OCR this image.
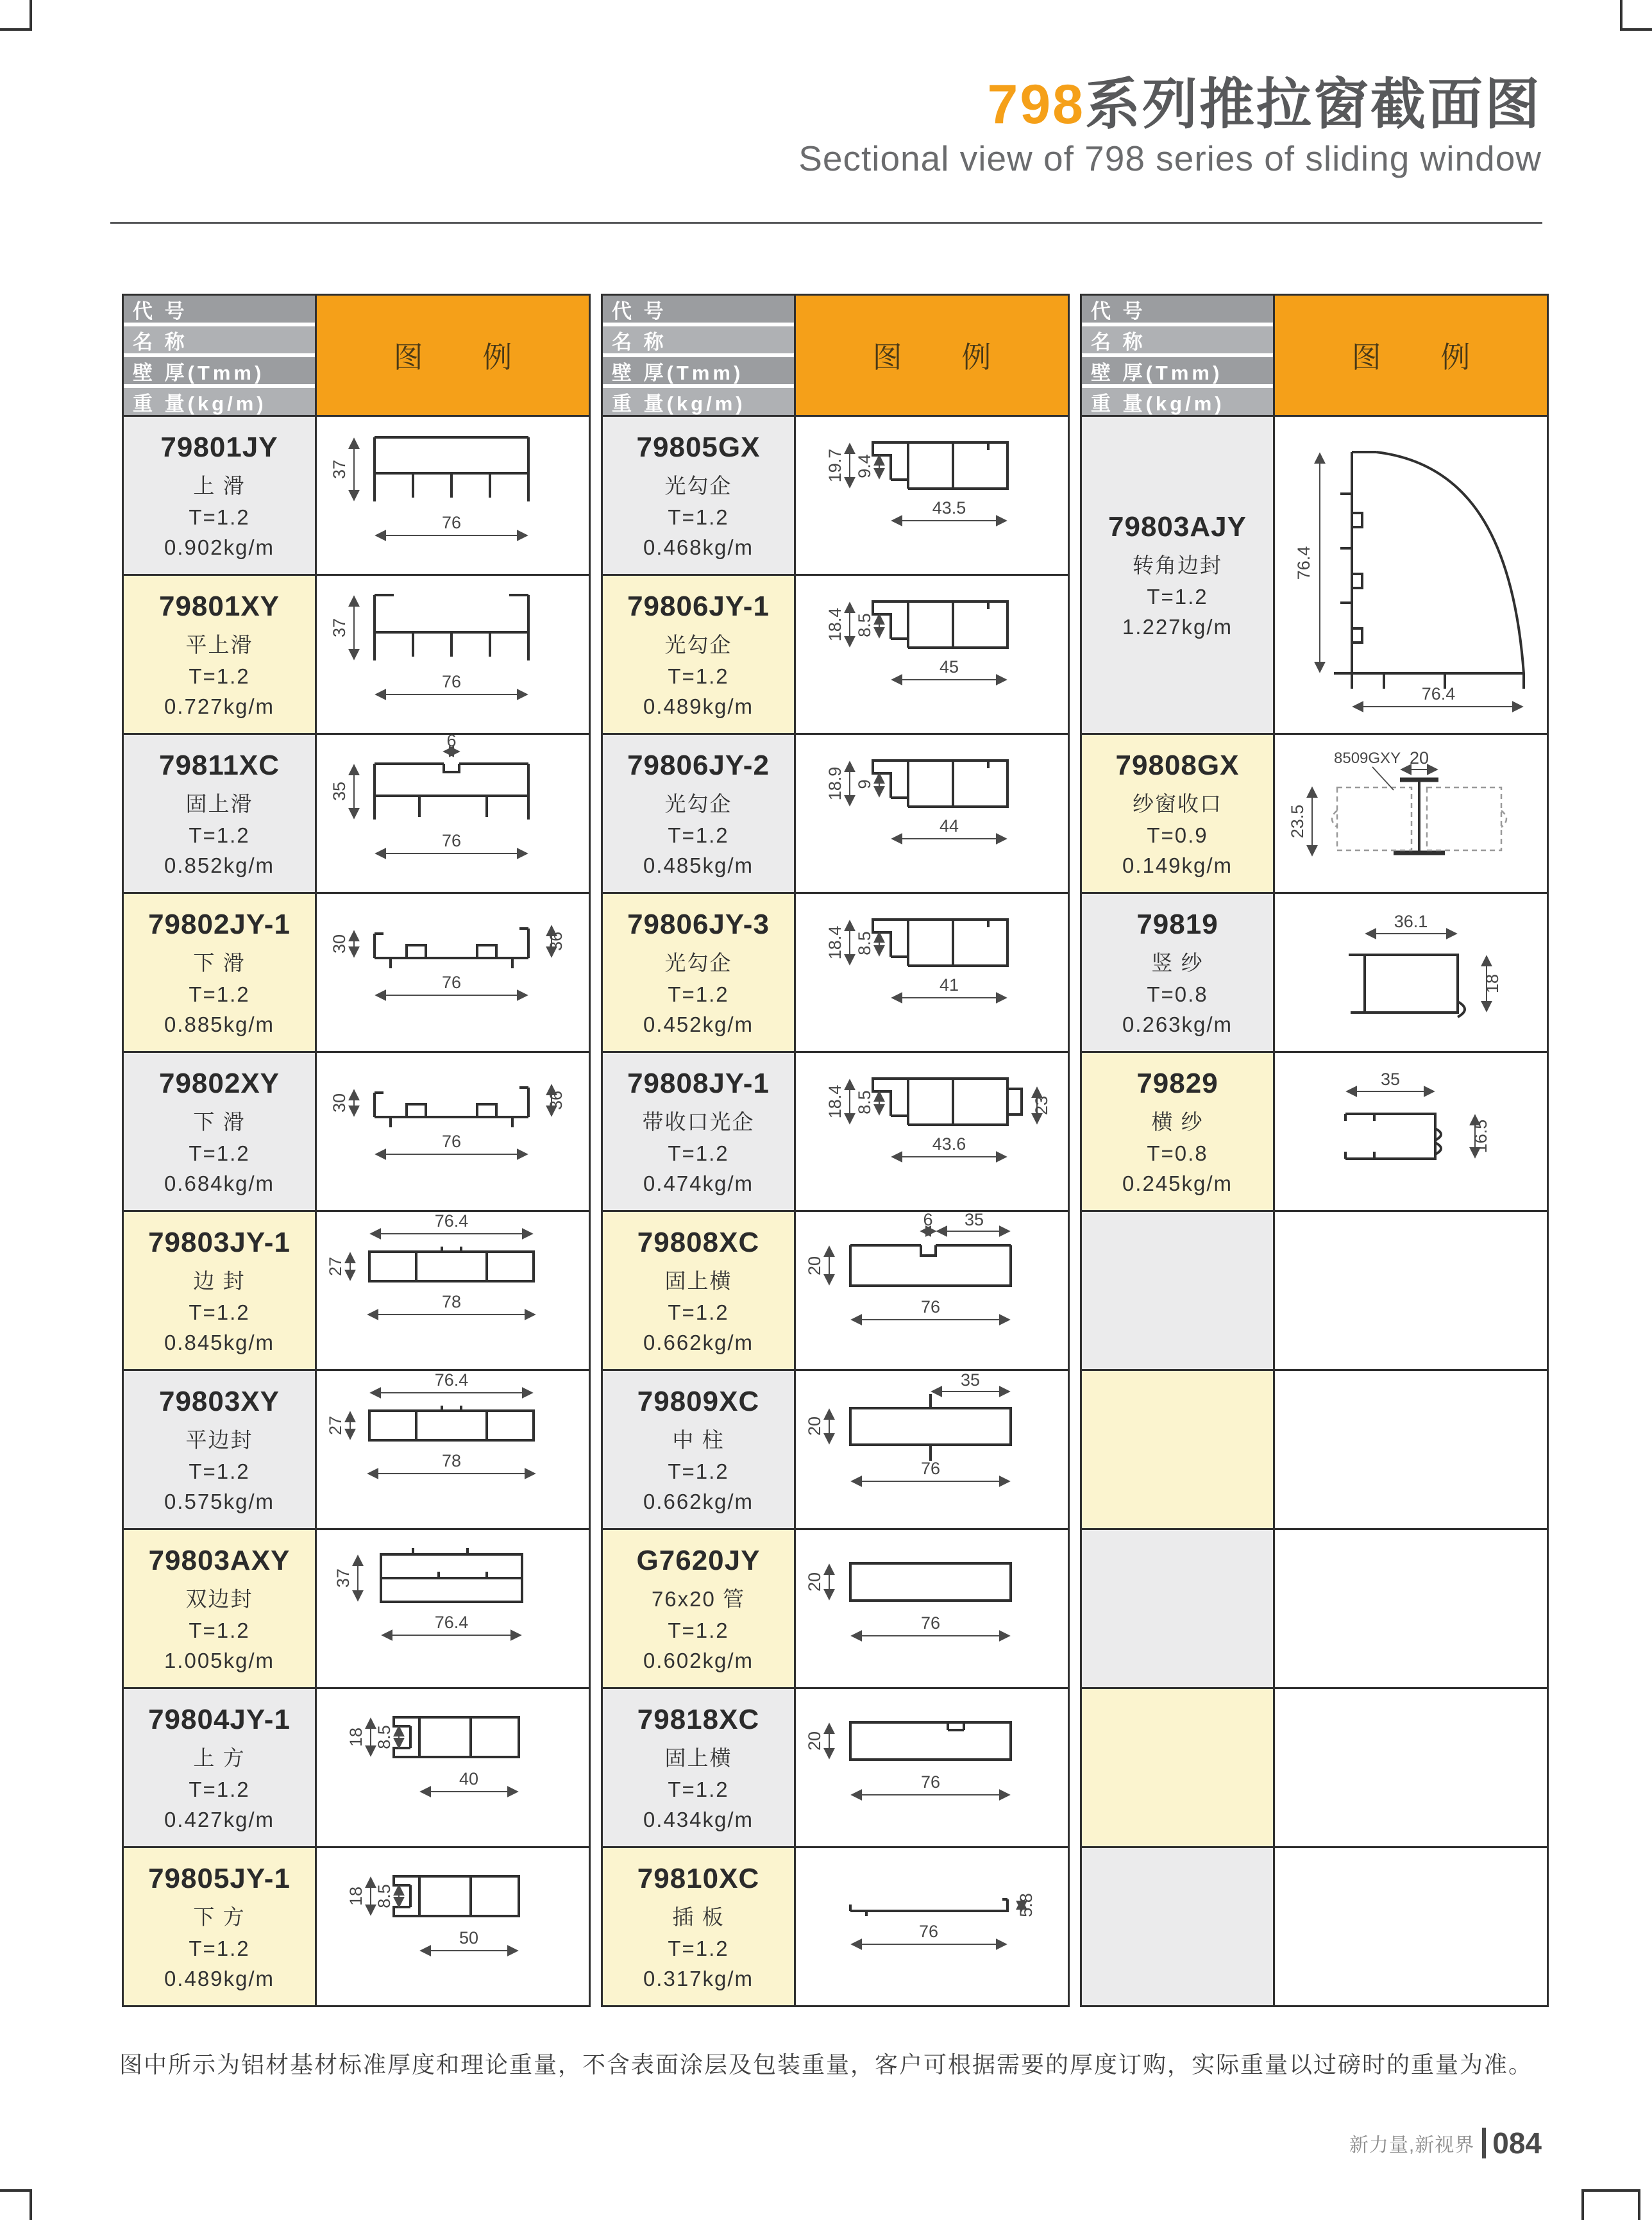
798系列推拉窗截面图
Sectional view of 798 series of sliding window
代 号
名 称
壁 厚(Tmm)
重 量(kg/m)
图 例
79801JY
上 滑
T=1.2
0.902kg/m
37
76
79801XY
平上滑
T=1.2
0.727kg/m
37
76
79811XC
固上滑
T=1.2
0.852kg/m
6
35
76
79802JY-1
下 滑
T=1.2
0.885kg/m
30	36
76
79802XY
下 滑
T=1.2
0.684kg/m
30	36
76
79803JY-1
边 封
T=1.2
0.845kg/m
76.4
27
78
79803XY
平边封
T=1.2
0.575kg/m
76.4
27
78
79803AXY
双边封
T=1.2
1.005kg/m
37
76.4
79804JY-1
上 方
T=1.2
0.427kg/m
18 8.5
40
79805JY-1
下 方
T=1.2
0.489kg/m
18 8.5
50
代 号
名 称
壁 厚(Tmm)
重 量(kg/m)
图 例
79805GX
光勾企
T=1.2
0.468kg/m
19.7 9.4
43.5
79806JY-1
光勾企
T=1.2
0.489kg/m
18.4 8.5
45
79806JY-2
光勾企
T=1.2
0.485kg/m
18.9 9
44
79806JY-3
光勾企
T=1.2
0.452kg/m
18.4 8.5
41
79808JY-1
带收口光企
T=1.2
0.474kg/m
18.4 8.5	23
43.6
79808XC
固上横
T=1.2
0.662kg/m
6 35
20
76
79809XC
中 柱
T=1.2
0.662kg/m
35
20
76
G7620JY
76x20 管
T=1.2
0.602kg/m
20
76
79818XC
固上横
T=1.2
0.434kg/m
20
76
79810XC
插 板
T=1.2
0.317kg/m
5.8
76
代 号
名 称
壁 厚(Tmm)
重 量(kg/m)
图 例
79803AJY
转角边封
T=1.2
1.227kg/m
76.4
76.4
79808GX
纱窗收口
T=0.9
0.149kg/m
8509GXY 20
23.5
79819
竖 纱
T=0.8
0.263kg/m
36.1
18
79829
横 纱
T=0.8
0.245kg/m
35
16.5
图中所示为铝材基材标准厚度和理论重量，不含表面涂层及包装重量，客户可根据需要的厚度订购，实际重量以过磅时的重量为准。
新力量,新视界 084
